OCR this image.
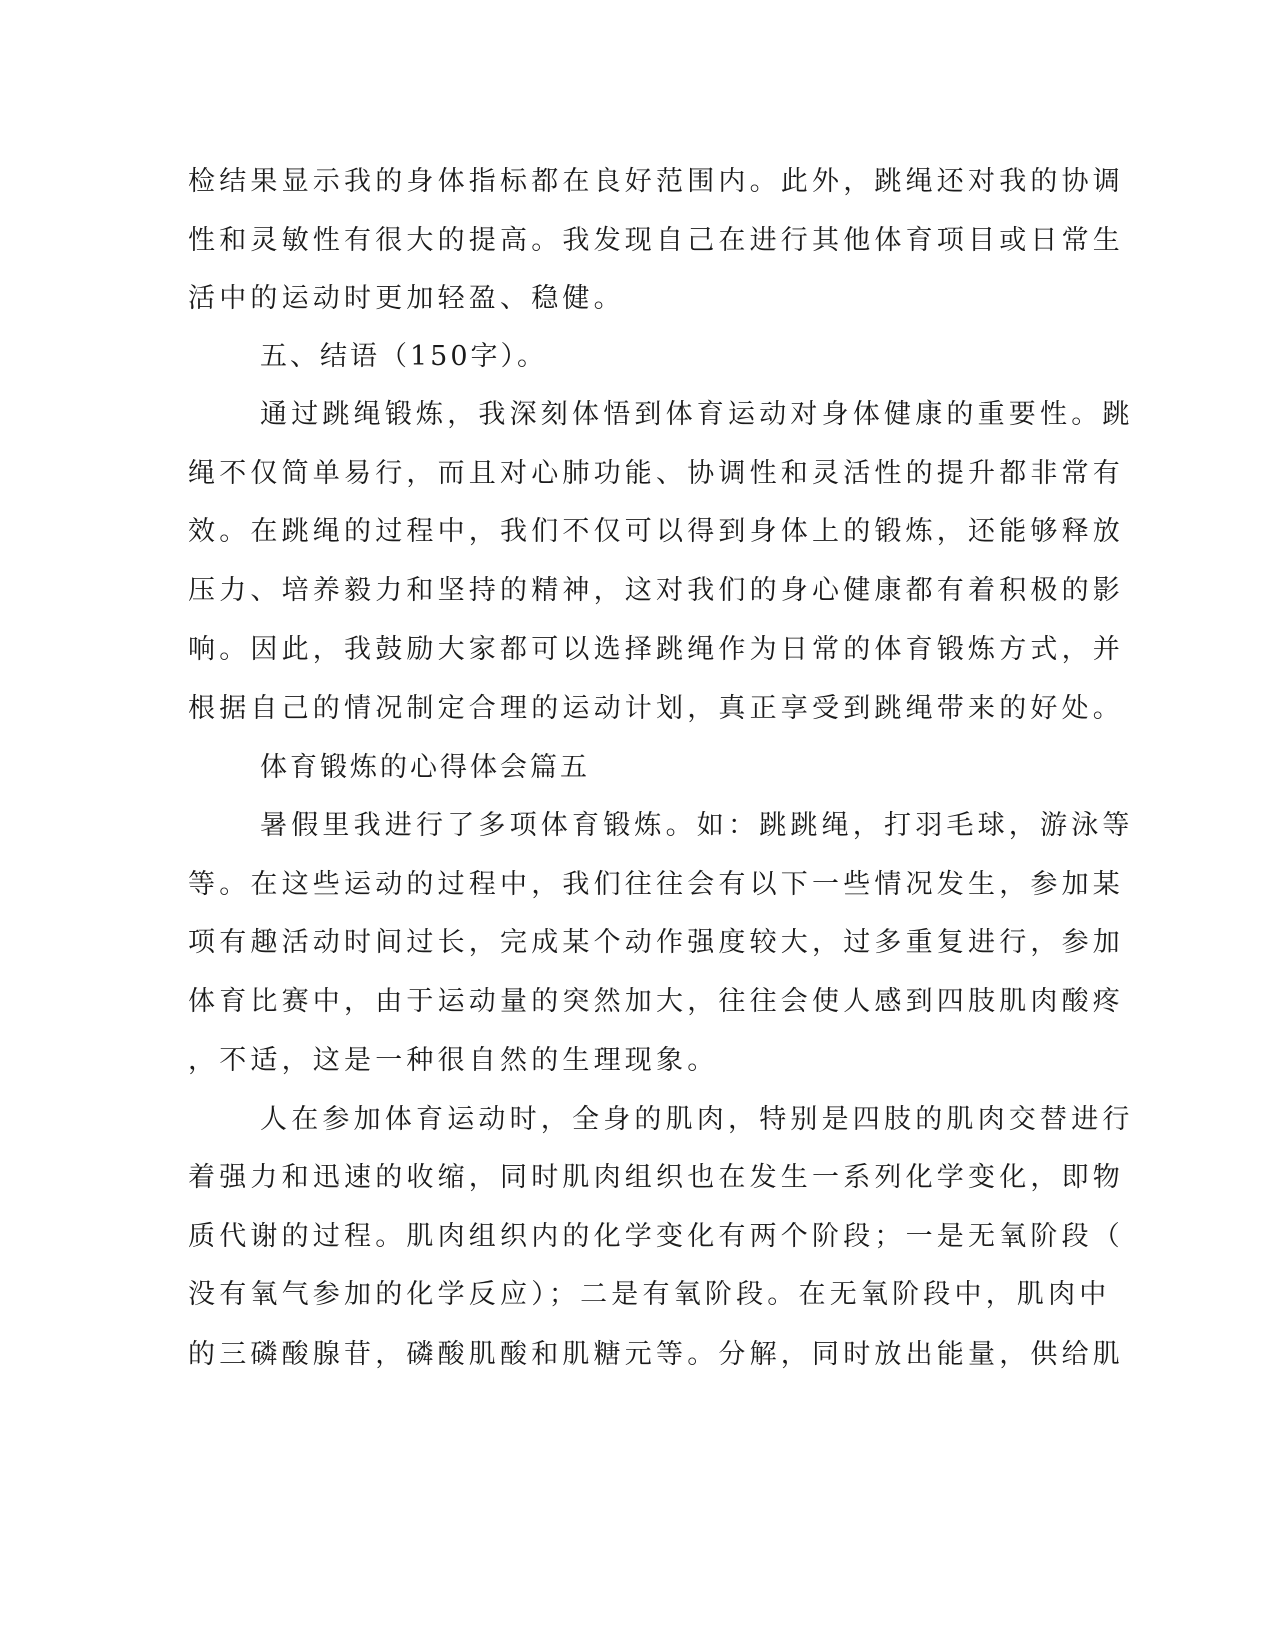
检结果显示我的身体指标都在良好范围内。此外，跳绳还对我的协调
性和灵敏性有很大的提高。我发现自己在进行其他体育项目或日常生
活中的运动时更加轻盈、稳健。
五、结语（150字）。
通过跳绳锻炼，我深刻体悟到体育运动对身体健康的重要性。跳
绳不仅简单易行，而且对心肺功能、协调性和灵活性的提升都非常有
效。在跳绳的过程中，我们不仅可以得到身体上的锻炼，还能够释放
压力、培养毅力和坚持的精神，这对我们的身心健康都有着积极的影
响。因此，我鼓励大家都可以选择跳绳作为日常的体育锻炼方式，并
根据自己的情况制定合理的运动计划，真正享受到跳绳带来的好处。
体育锻炼的心得体会篇五
暑假里我进行了多项体育锻炼。如：跳跳绳，打羽毛球，游泳等
等。在这些运动的过程中，我们往往会有以下一些情况发生，参加某
项有趣活动时间过长，完成某个动作强度较大，过多重复进行，参加
体育比赛中，由于运动量的突然加大，往往会使人感到四肢肌肉酸疼
，不适，这是一种很自然的生理现象。
人在参加体育运动时，全身的肌肉，特别是四肢的肌肉交替进行
着强力和迅速的收缩，同时肌肉组织也在发生一系列化学变化，即物
质代谢的过程。肌肉组织内的化学变化有两个阶段；一是无氧阶段（
没有氧气参加的化学反应）；二是有氧阶段。在无氧阶段中，肌肉中
的三磷酸腺苷，磷酸肌酸和肌糖元等。分解，同时放出能量，供给肌
